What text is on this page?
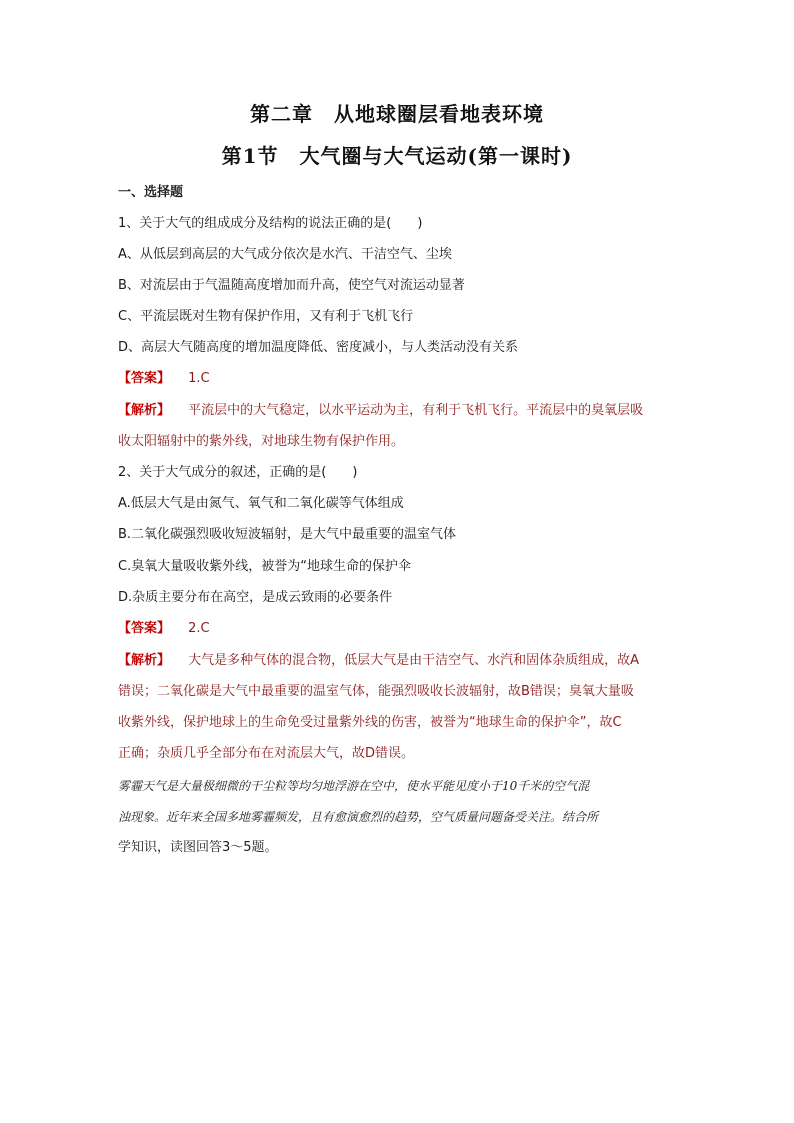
第二章　从地球圈层看地表环境
第1节　大气圈与大气运动(第一课时)
一、选择题
1、关于大气的组成成分及结构的说法正确的是(　　)
A、从低层到高层的大气成分依次是水汽、干洁空气、尘埃
B、对流层由于气温随高度增加而升高，使空气对流运动显著
C、平流层既对生物有保护作用，又有利于飞机飞行
D、高层大气随高度的增加温度降低、密度减小，与人类活动没有关系
【答案】 1.C
【解析】 平流层中的大气稳定，以水平运动为主，有利于飞机飞行。平流层中的臭氧层吸
收太阳辐射中的紫外线，对地球生物有保护作用。
2、关于大气成分的叙述，正确的是(　　)
A.低层大气是由氮气、氧气和二氧化碳等气体组成
B.二氧化碳强烈吸收短波辐射，是大气中最重要的温室气体
C.臭氧大量吸收紫外线，被誉为“地球生命的保护伞
D.杂质主要分布在高空，是成云致雨的必要条件
【答案】 2.C
【解析】 大气是多种气体的混合物，低层大气是由干洁空气、水汽和固体杂质组成，故A
错误；二氧化碳是大气中最重要的温室气体，能强烈吸收长波辐射，故B错误；臭氧大量吸
收紫外线，保护地球上的生命免受过量紫外线的伤害，被誉为“地球生命的保护伞”，故C
正确；杂质几乎全部分布在对流层大气，故D错误。
雾霾天气是大量极细微的干尘粒等均匀地浮游在空中，使水平能见度小于10千米的空气混
浊现象。近年来全国多地雾霾频发，且有愈演愈烈的趋势，空气质量问题备受关注。结合所
学知识，读图回答3～5题。
